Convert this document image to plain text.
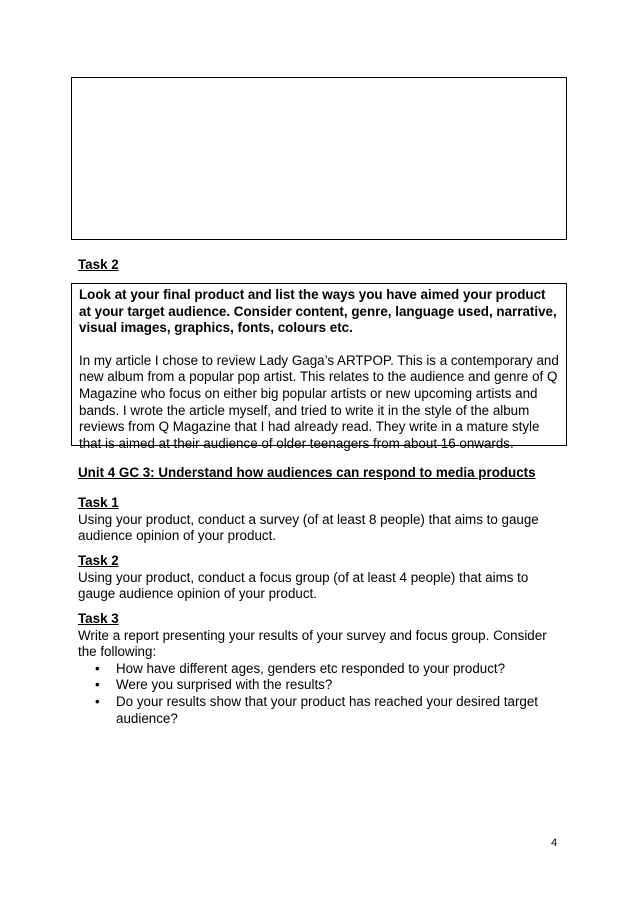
Task 2

Look at your final product and list the ways you have aimed your product at your target audience. Consider content, genre, language used, narrative, visual images, graphics, fonts, colours etc.

In my article I chose to review Lady Gaga’s ARTPOP. This is a contemporary and new album from a popular pop artist. This relates to the audience and genre of Q Magazine who focus on either big popular artists or new upcoming artists and bands. I wrote the article myself, and tried to write it in the style of the album reviews from Q Magazine that I had already read. They write in a mature style that is aimed at their audience of older teenagers from about 16 onwards.

Unit 4 GC 3: Understand how audiences can respond to media products
Task 1
Using your product, conduct a survey (of at least 8 people) that aims to gauge audience opinion of your product.
Task 2
Using your product, conduct a focus group (of at least 4 people) that aims to gauge audience opinion of your product.
Task 3
Write a report presenting your results of your survey and focus group. Consider the following:
• How have different ages, genders etc responded to your product?
• Were you surprised with the results?
• Do your results show that your product has reached your desired target audience?
4
